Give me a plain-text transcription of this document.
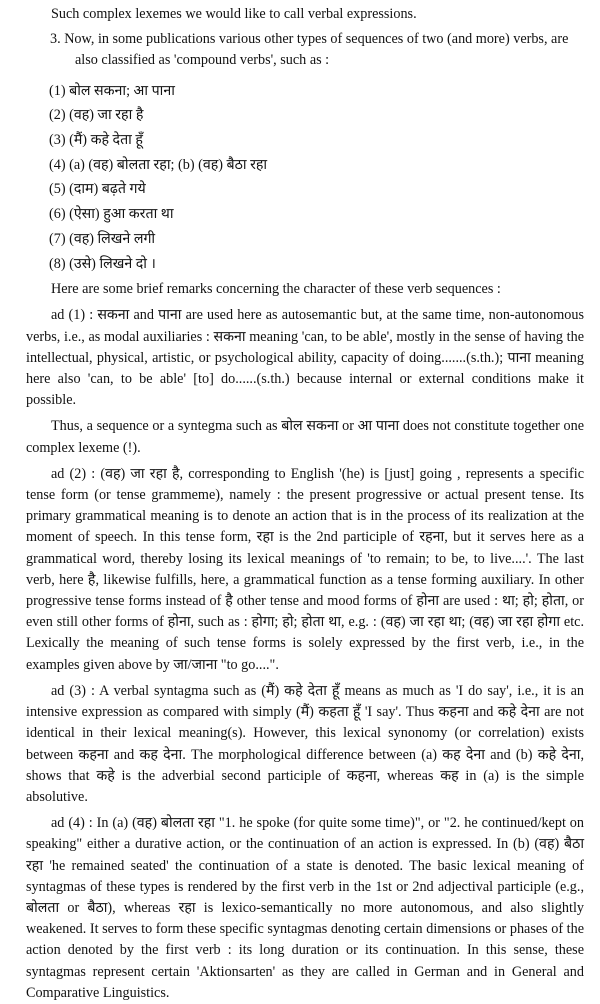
Such complex lexemes we would like to call verbal expressions.

3. Now, in some publications various other types of sequences of two (and more) verbs, are also classified as 'compound verbs', such as :

(1) बोल सकना; आ पाना
(2) (वह) जा रहा है
(3) (मैं) कहे देता हूँ
(4) (a) (वह) बोलता रहा; (b) (वह) बैठा रहा
(5) (दाम) बढ़ते गये
(6) (ऐसा) हुआ करता था
(7) (वह) लिखने लगी
(8) (उसे) लिखने दो ।

Here are some brief remarks concerning the character of these verb sequences :

ad (1) : सकना and पाना are used here as autosemantic but, at the same time, non-autonomous verbs, i.e., as modal auxiliaries : सकना meaning 'can, to be able', mostly in the sense of having the intellectual, physical, artistic, or psychological ability, capacity of doing.......(s.th.); पाना meaning here also 'can, to be able' [to] do......(s.th.) because internal or external conditions make it possible.

Thus, a sequence or a syntegma such as बोल सकना or आ पाना does not constitute together one complex lexeme (!).

ad (2) : (वह) जा रहा है, corresponding to English '(he) is [just] going , represents a specific tense form (or tense grammeme), namely : the present progressive or actual present tense. Its primary grammatical meaning is to denote an action that is in the process of its realization at the moment of speech. In this tense form, रहा is the 2nd participle of रहना, but it serves here as a grammatical word, thereby losing its lexical meanings of 'to remain; to be, to live....'. The last verb, here है, likewise fulfills, here, a grammatical function as a tense forming auxiliary. In other progressive tense forms instead of है other tense and mood forms of होना are used : था; हो; होता, or even still other forms of होना, such as : होगा; हो; होता था, e.g. : (वह) जा रहा था; (वह) जा रहा होगा etc. Lexically the meaning of such tense forms is solely expressed by the first verb, i.e., in the examples given above by जा/जाना "to go....".

ad (3) : A verbal syntagma such as (मैं) कहे देता हूँ means as much as 'I do say', i.e., it is an intensive expression as compared with simply (मैं) कहता हूँ 'I say'. Thus कहना and कहे देना are not identical in their lexical meaning(s). However, this lexical synonomy (or correlation) exists between कहना and कह देना. The morphological difference between (a) कह देना and (b) कहे देना, shows that कहे is the adverbial second participle of कहना, whereas कह in (a) is the simple absolutive.

ad (4) : In (a) (वह) बोलता रहा "1. he spoke (for quite some time)", or "2. he continued/kept on speaking" either a durative action, or the continuation of an action is expressed. In (b) (वह) बैठा रहा 'he remained seated' the continuation of a state is denoted. The basic lexical meaning of syntagmas of these types is rendered by the first verb in the 1st or 2nd adjectival participle (e.g., बोलता or बैठा), whereas रहा is lexico-semantically no more autonomous, and also slightly weakened. It serves to form these specific syntagmas denoting certain dimensions or phases of the action denoted by the first verb : its long duration or its continuation. In this sense, these syntagmas represent certain 'Aktionsarten' as they are called in German and in General and Comparative Linguistics.
